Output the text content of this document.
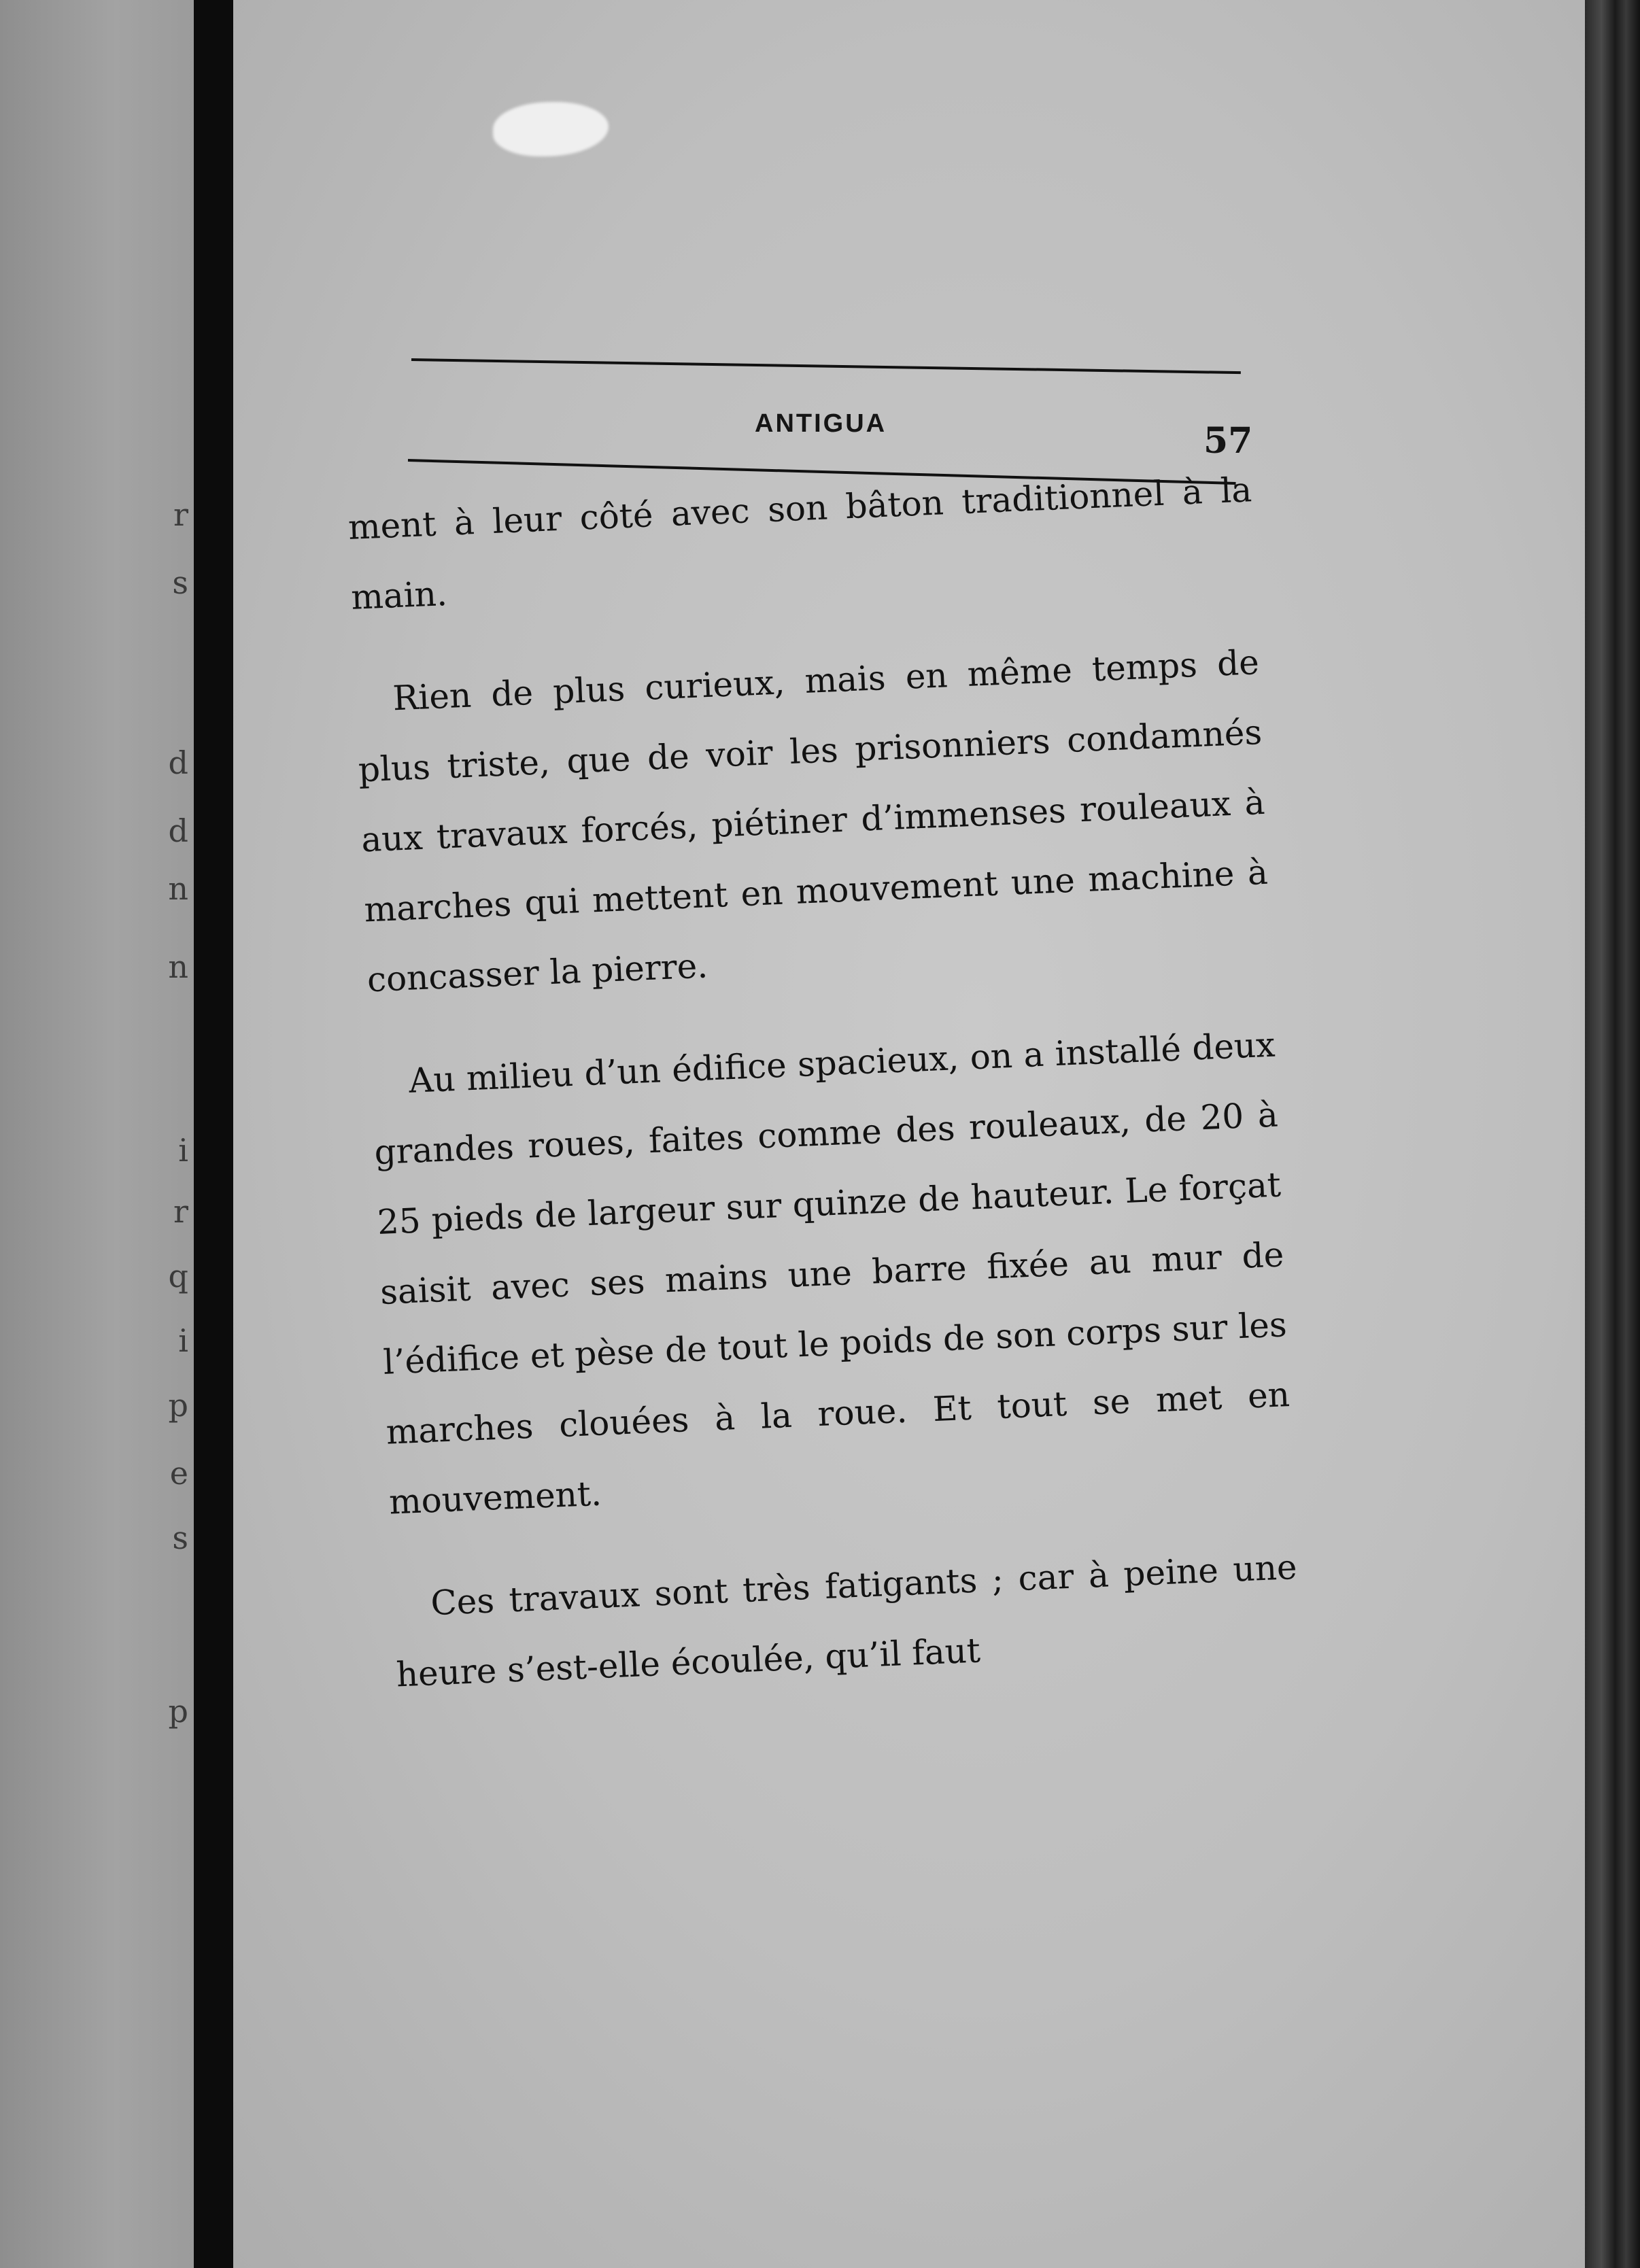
r
s
d
d
n
n
i
r
q
i
p
e
s
p
ANTIGUA	57

ment à leur côté avec son bâton traditionnel à la main.

Rien de plus curieux, mais en même temps de plus triste, que de voir les prisonniers condamnés aux travaux forcés, piétiner d’immenses rouleaux à marches qui mettent en mouvement une machine à concasser la pierre.

Au milieu d’un édifice spacieux, on a installé deux grandes roues, faites comme des rouleaux, de 20 à 25 pieds de largeur sur quinze de hauteur. Le forçat saisit avec ses mains une barre fixée au mur de l’édifice et pèse de tout le poids de son corps sur les marches clouées à la roue. Et tout se met en mouvement.

Ces travaux sont très fatigants ; car à peine une heure s’est-elle écoulée, qu’il faut
